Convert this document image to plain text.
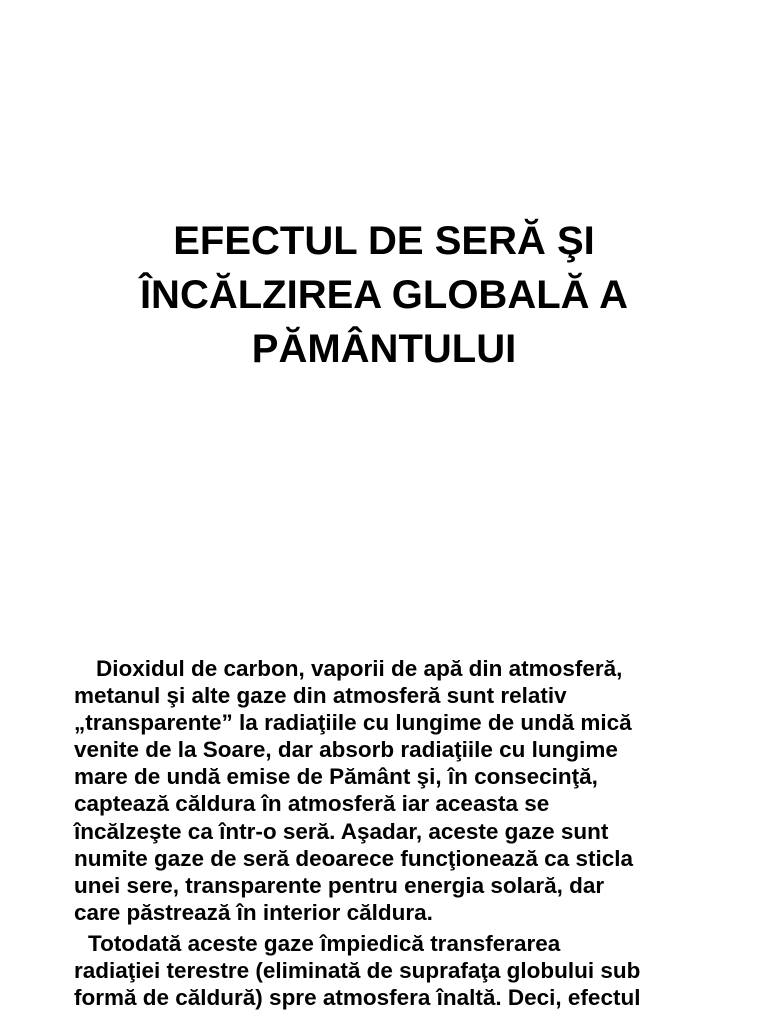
EFECTUL DE SERĂ ŞI
ÎNCĂLZIREA GLOBALĂ A
PĂMÂNTULUI
Dioxidul de carbon, vaporii de apă din atmosferă,
metanul şi alte gaze din atmosferă sunt relativ
„transparente” la radiaţiile cu lungime de undă mică
venite de la Soare, dar absorb radiaţiile cu lungime
mare de undă emise de Pământ şi, în consecinţă,
captează căldura în atmosferă iar aceasta se
încălzeşte ca într-o seră. Aşadar, aceste gaze sunt
numite gaze de seră deoarece funcţionează ca sticla
unei sere, transparente pentru energia solară, dar
care păstrează în interior căldura.
Totodată aceste gaze împiedică transferarea
radiaţiei terestre (eliminată de suprafaţa globului sub
formă de căldură) spre atmosfera înaltă. Deci, efectul
